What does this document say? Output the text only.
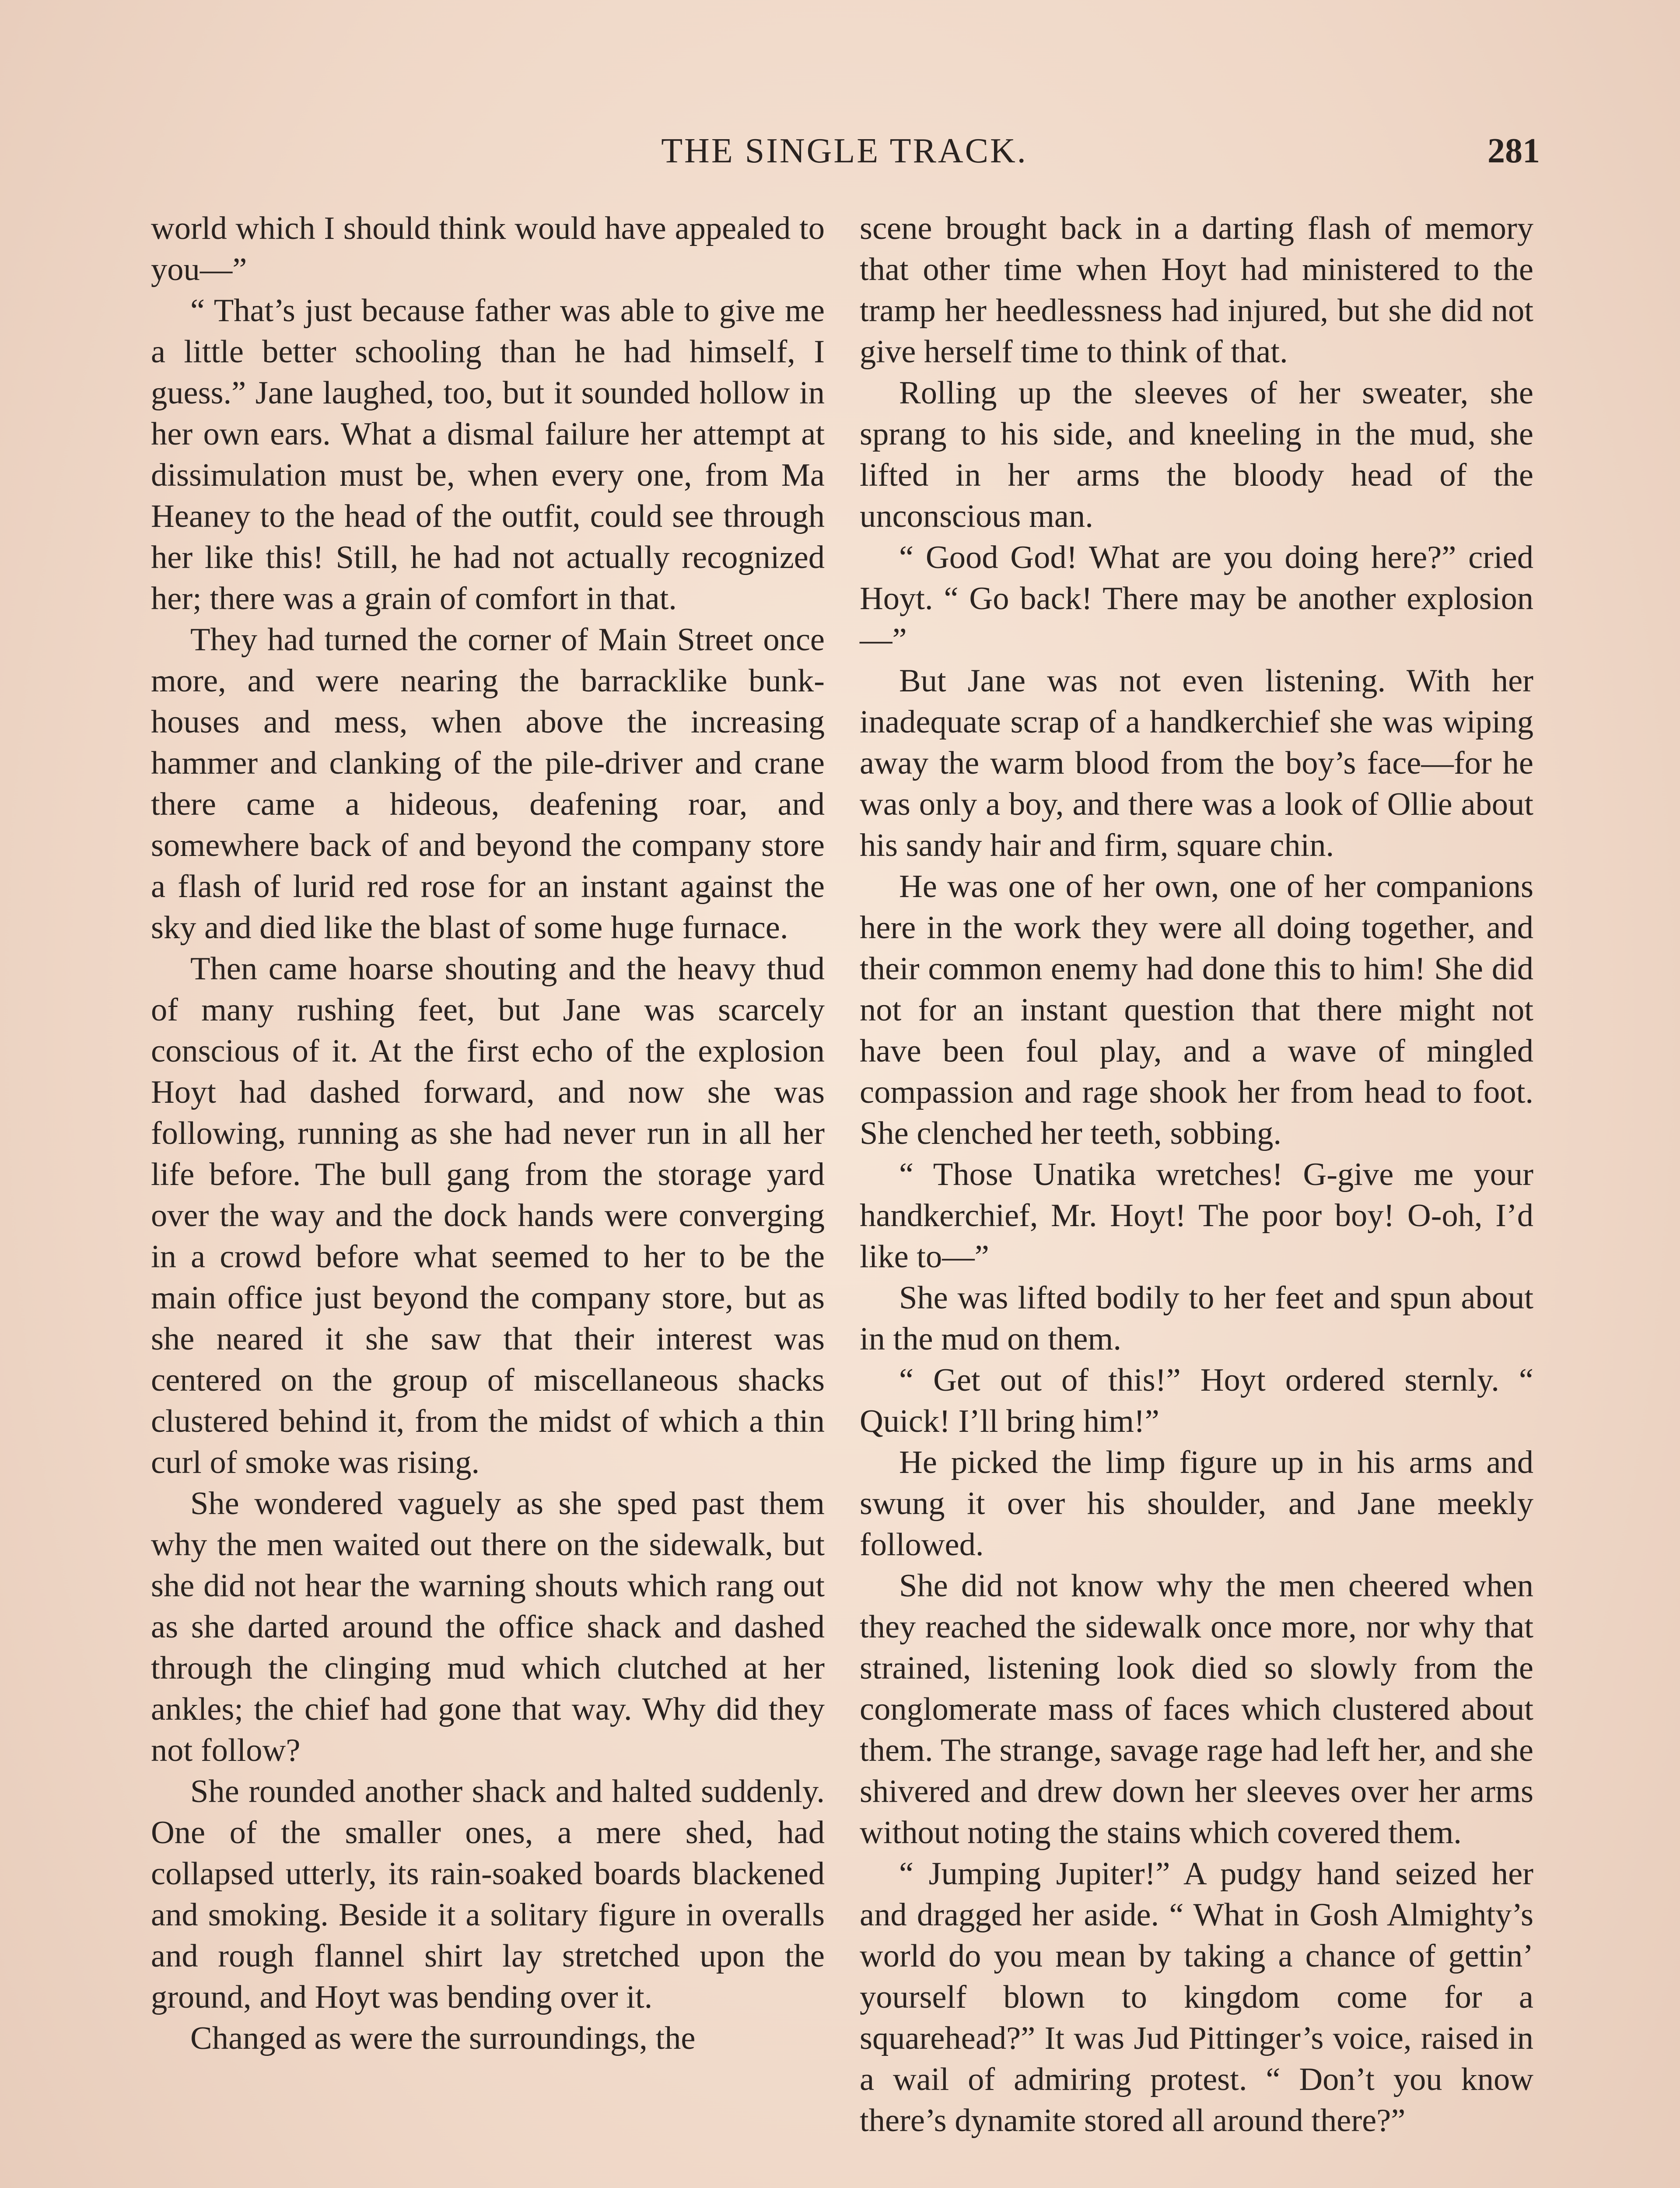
THE SINGLE TRACK.	281

world which I should think would have appealed to you—”

“ That’s just because father was able to give me a little better schooling than he had himself, I guess.” Jane laughed, too, but it sounded hollow in her own ears. What a dismal failure her attempt at dissimulation must be, when every one, from Ma Heaney to the head of the outfit, could see through her like this! Still, he had not actually recognized her; there was a grain of comfort in that.

They had turned the corner of Main Street once more, and were nearing the barracklike bunk-houses and mess, when above the increasing hammer and clanking of the pile-driver and crane there came a hideous, deafening roar, and somewhere back of and beyond the company store a flash of lurid red rose for an instant against the sky and died like the blast of some huge furnace.

Then came hoarse shouting and the heavy thud of many rushing feet, but Jane was scarcely conscious of it. At the first echo of the explosion Hoyt had dashed forward, and now she was following, running as she had never run in all her life before. The bull gang from the storage yard over the way and the dock hands were converging in a crowd before what seemed to her to be the main office just beyond the company store, but as she neared it she saw that their interest was centered on the group of miscellaneous shacks clustered behind it, from the midst of which a thin curl of smoke was rising.

She wondered vaguely as she sped past them why the men waited out there on the sidewalk, but she did not hear the warning shouts which rang out as she darted around the office shack and dashed through the clinging mud which clutched at her ankles; the chief had gone that way. Why did they not follow?

She rounded another shack and halted suddenly. One of the smaller ones, a mere shed, had collapsed utterly, its rain-soaked boards blackened and smoking. Beside it a solitary figure in overalls and rough flannel shirt lay stretched upon the ground, and Hoyt was bending over it.

Changed as were the surroundings, the

scene brought back in a darting flash of memory that other time when Hoyt had ministered to the tramp her heedlessness had injured, but she did not give herself time to think of that.

Rolling up the sleeves of her sweater, she sprang to his side, and kneeling in the mud, she lifted in her arms the bloody head of the unconscious man.

“ Good God! What are you doing here?” cried Hoyt. “ Go back! There may be another explosion—”

But Jane was not even listening. With her inadequate scrap of a handkerchief she was wiping away the warm blood from the boy’s face—for he was only a boy, and there was a look of Ollie about his sandy hair and firm, square chin.

He was one of her own, one of her companions here in the work they were all doing together, and their common enemy had done this to him! She did not for an instant question that there might not have been foul play, and a wave of mingled compassion and rage shook her from head to foot. She clenched her teeth, sobbing.

“ Those Unatika wretches! G-give me your handkerchief, Mr. Hoyt! The poor boy! O-oh, I’d like to—”

She was lifted bodily to her feet and spun about in the mud on them.

“ Get out of this!” Hoyt ordered sternly. “ Quick! I’ll bring him!”

He picked the limp figure up in his arms and swung it over his shoulder, and Jane meekly followed.

She did not know why the men cheered when they reached the sidewalk once more, nor why that strained, listening look died so slowly from the conglomerate mass of faces which clustered about them. The strange, savage rage had left her, and she shivered and drew down her sleeves over her arms without noting the stains which covered them.

“ Jumping Jupiter!” A pudgy hand seized her and dragged her aside. “ What in Gosh Almighty’s world do you mean by taking a chance of gettin’ yourself blown to kingdom come for a squarehead?” It was Jud Pittinger’s voice, raised in a wail of admiring protest. “ Don’t you know there’s dynamite stored all around there?”
